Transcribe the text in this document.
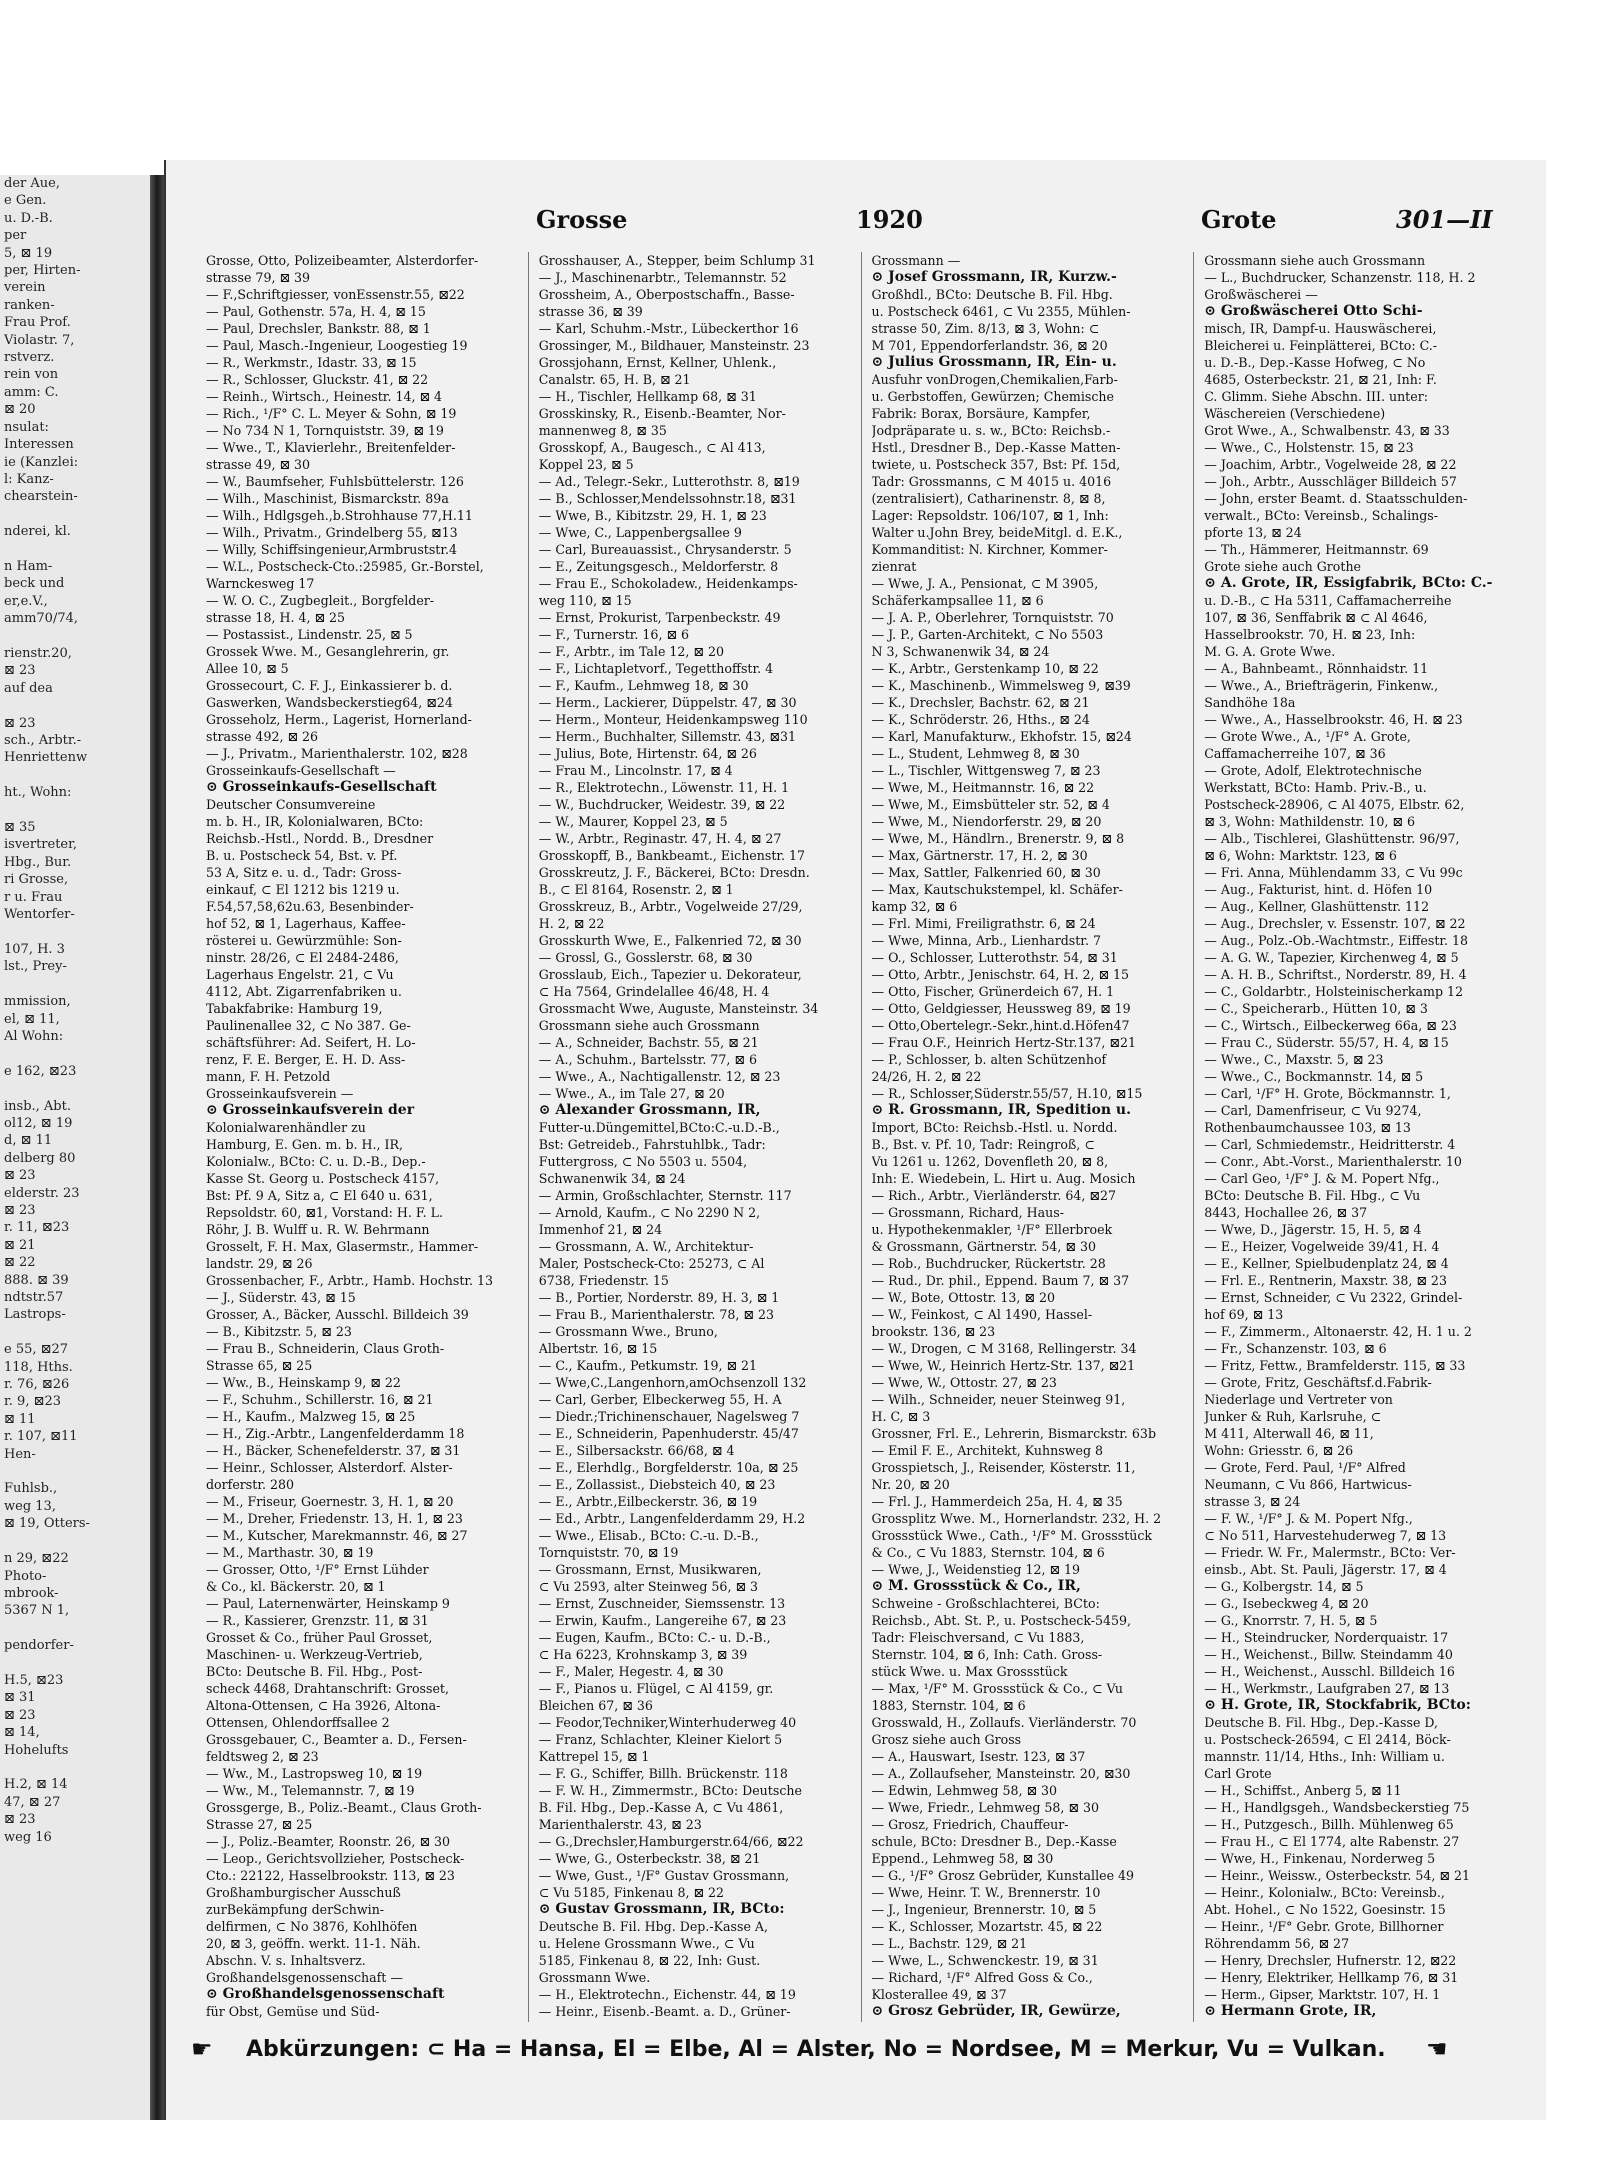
der Aue,
e Gen.
u. D.-B.
per
5, ⊠ 19
per, Hirten-
verein
ranken-
Frau Prof.
Violastr. 7,
rstverz.
rein von
amm: C.
⊠ 20
nsulat:
Interessen
ie (Kanzlei:
l: Kanz-
chearstein-

nderei, kl.

n Ham-
beck und
er,e.V.,
amm70/74,

rienstr.20,
⊠ 23
auf dea

⊠ 23
sch., Arbtr.-
Henriettenw

ht., Wohn:

⊠ 35
isvertreter,
Hbg., Bur.
ri Grosse,
r u. Frau
Wentorfer-

107, H. 3
lst., Prey-

mmission,
el, ⊠ 11,
Al Wohn:

e 162, ⊠23

insb., Abt.
ol12, ⊠ 19
d, ⊠ 11
delberg 80
⊠ 23
elderstr. 23
⊠ 23
r. 11, ⊠23
⊠ 21
⊠ 22
888. ⊠ 39
ndtstr.57
Lastrops-

e 55, ⊠27
118, Hths.
r. 76, ⊠26
r. 9, ⊠23
⊠ 11
r. 107, ⊠11
Hen-

Fuhlsb.,
weg 13,
⊠ 19, Otters-

n 29, ⊠22
Photo-
mbrook-
5367 N 1,

pendorfer-

H.5, ⊠23
⊠ 31
⊠ 23
⊠ 14,
Hohelufts

H.2, ⊠ 14
47, ⊠ 27
⊠ 23
weg 16
Grosse	1920	Grote	301—II
Grosse, Otto, Polizeibeamter, Alsterdorfer-
strasse 79, ⊠ 39
— F.,Schriftgiesser, vonEssenstr.55, ⊠22
— Paul, Gothenstr. 57a, H. 4, ⊠ 15
— Paul, Drechsler, Bankstr. 88, ⊠ 1
— Paul, Masch.-Ingenieur, Loogestieg 19
— R., Werkmstr., Idastr. 33, ⊠ 15
— R., Schlosser, Gluckstr. 41, ⊠ 22
— Reinh., Wirtsch., Heinestr. 14, ⊠ 4
— Rich., ¹/F° C. L. Meyer & Sohn, ⊠ 19
— No 734 N 1, Tornquiststr. 39, ⊠ 19
— Wwe., T., Klavierlehr., Breitenfelder-
strasse 49, ⊠ 30
— W., Baumfseher, Fuhlsbüttelerstr. 126
— Wilh., Maschinist, Bismarckstr. 89a
— Wilh., Hdlgsgeh.,b.Strohhause 77,H.11
— Wilh., Privatm., Grindelberg 55, ⊠13
— Willy, Schiffsingenieur,Armbruststr.4
— W.L., Postscheck-Cto.:25985, Gr.-Borstel,
Warnckesweg 17
— W. O. C., Zugbegleit., Borgfelder-
strasse 18, H. 4, ⊠ 25
— Postassist., Lindenstr. 25, ⊠ 5
Grossek Wwe. M., Gesanglehrerin, gr.
Allee 10, ⊠ 5
Grossecourt, C. F. J., Einkassierer b. d.
Gaswerken, Wandsbeckerstieg64, ⊠24
Grosseholz, Herm., Lagerist, Hornerland-
strasse 492, ⊠ 26
— J., Privatm., Marienthalerstr. 102, ⊠28
Grosseinkaufs-Gesellschaft —
⊙ Grosseinkaufs-Gesellschaft
Deutscher Consumvereine
m. b. H., IR, Kolonialwaren, BCto:
Reichsb.-Hstl., Nordd. B., Dresdner
B. u. Postscheck 54, Bst. v. Pf.
53 A, Sitz e. u. d., Tadr: Gross-
einkauf, ⊂ El 1212 bis 1219 u.
F.54,57,58,62u.63, Besenbinder-
hof 52, ⊠ 1, Lagerhaus, Kaffee-
rösterei u. Gewürzmühle: Son-
ninstr. 28/26, ⊂ El 2484-2486,
Lagerhaus Engelstr. 21, ⊂ Vu
4112, Abt. Zigarrenfabriken u.
Tabakfabrike: Hamburg 19,
Paulinenallee 32, ⊂ No 387. Ge-
schäftsführer: Ad. Seifert, H. Lo-
renz, F. E. Berger, E. H. D. Ass-
mann, F. H. Petzold
Grosseinkaufsverein —
⊙ Grosseinkaufsverein der
Kolonialwarenhändler zu
Hamburg, E. Gen. m. b. H., IR,
Kolonialw., BCto: C. u. D.-B., Dep.-
Kasse St. Georg u. Postscheck 4157,
Bst: Pf. 9 A, Sitz a, ⊂ El 640 u. 631,
Repsoldstr. 60, ⊠1, Vorstand: H. F. L.
Röhr, J. B. Wulff u. R. W. Behrmann
Grosselt, F. H. Max, Glasermstr., Hammer-
landstr. 29, ⊠ 26
Grossenbacher, F., Arbtr., Hamb. Hochstr. 13
— J., Süderstr. 43, ⊠ 15
Grosser, A., Bäcker, Ausschl. Billdeich 39
— B., Kibitzstr. 5, ⊠ 23
— Frau B., Schneiderin, Claus Groth-
Strasse 65, ⊠ 25
— Ww., B., Heinskamp 9, ⊠ 22
— F., Schuhm., Schillerstr. 16, ⊠ 21
— H., Kaufm., Malzweg 15, ⊠ 25
— H., Zig.-Arbtr., Langenfelderdamm 18
— H., Bäcker, Schenefelderstr. 37, ⊠ 31
— Heinr., Schlosser, Alsterdorf. Alster-
dorferstr. 280
— M., Friseur, Goernestr. 3, H. 1, ⊠ 20
— M., Dreher, Friedenstr. 13, H. 1, ⊠ 23
— M., Kutscher, Marekmannstr. 46, ⊠ 27
— M., Marthastr. 30, ⊠ 19
— Grosser, Otto, ¹/F° Ernst Lühder
& Co., kl. Bäckerstr. 20, ⊠ 1
— Paul, Laternenwärter, Heinskamp 9
— R., Kassierer, Grenzstr. 11, ⊠ 31
Grosset & Co., früher Paul Grosset,
Maschinen- u. Werkzeug-Vertrieb,
BCto: Deutsche B. Fil. Hbg., Post-
scheck 4468, Drahtanschrift: Grosset,
Altona-Ottensen, ⊂ Ha 3926, Altona-
Ottensen, Ohlendorffsallee 2
Grossgebauer, C., Beamter a. D., Fersen-
feldtsweg 2, ⊠ 23
— Ww., M., Lastropsweg 10, ⊠ 19
— Ww., M., Telemannstr. 7, ⊠ 19
Grossgerge, B., Poliz.-Beamt., Claus Groth-
Strasse 27, ⊠ 25
— J., Poliz.-Beamter, Roonstr. 26, ⊠ 30
— Leop., Gerichtsvollzieher, Postscheck-
Cto.: 22122, Hasselbrookstr. 113, ⊠ 23
Großhamburgischer Ausschuß
zurBekämpfung derSchwin-
delfirmen, ⊂ No 3876, Kohlhöfen
20, ⊠ 3, geöffn. werkt. 11-1. Näh.
Abschn. V. s. Inhaltsverz.
Großhandelsgenossenschaft —
⊙ Großhandelsgenossenschaft
für Obst, Gemüse und Süd-
Grosshauser, A., Stepper, beim Schlump 31
— J., Maschinenarbtr., Telemannstr. 52
Grossheim, A., Oberpostschaffn., Basse-
strasse 36, ⊠ 39
— Karl, Schuhm.-Mstr., Lübeckerthor 16
Grossinger, M., Bildhauer, Mansteinstr. 23
Grossjohann, Ernst, Kellner, Uhlenk.,
Canalstr. 65, H. B, ⊠ 21
— H., Tischler, Hellkamp 68, ⊠ 31
Grosskinsky, R., Eisenb.-Beamter, Nor-
mannenweg 8, ⊠ 35
Grosskopf, A., Baugesch., ⊂ Al 413,
Koppel 23, ⊠ 5
— Ad., Telegr.-Sekr., Lutterothstr. 8, ⊠19
— B., Schlosser,Mendelssohnstr.18, ⊠31
— Wwe, B., Kibitzstr. 29, H. 1, ⊠ 23
— Wwe, C., Lappenbergsallee 9
— Carl, Bureauassist., Chrysanderstr. 5
— E., Zeitungsgesch., Meldorferstr. 8
— Frau E., Schokoladew., Heidenkamps-
weg 110, ⊠ 15
— Ernst, Prokurist, Tarpenbeckstr. 49
— F., Turnerstr. 16, ⊠ 6
— F., Arbtr., im Tale 12, ⊠ 20
— F., Lichtapletvorf., Tegetthoffstr. 4
— F., Kaufm., Lehmweg 18, ⊠ 30
— Herm., Lackierer, Düppelstr. 47, ⊠ 30
— Herm., Monteur, Heidenkampsweg 110
— Herm., Buchhalter, Sillemstr. 43, ⊠31
— Julius, Bote, Hirtenstr. 64, ⊠ 26
— Frau M., Lincolnstr. 17, ⊠ 4
— R., Elektrotechn., Löwenstr. 11, H. 1
— W., Buchdrucker, Weidestr. 39, ⊠ 22
— W., Maurer, Koppel 23, ⊠ 5
— W., Arbtr., Reginastr. 47, H. 4, ⊠ 27
Grosskopff, B., Bankbeamt., Eichenstr. 17
Grosskreutz, J. F., Bäckerei, BCto: Dresdn.
B., ⊂ El 8164, Rosenstr. 2, ⊠ 1
Grosskreuz, B., Arbtr., Vogelweide 27/29,
H. 2, ⊠ 22
Grosskurth Wwe, E., Falkenried 72, ⊠ 30
— Grossl, G., Gosslerstr. 68, ⊠ 30
Grosslaub, Eich., Tapezier u. Dekorateur,
⊂ Ha 7564, Grindelallee 46/48, H. 4
Grossmacht Wwe, Auguste, Mansteinstr. 34
Grossmann siehe auch Grossmann
— A., Schneider, Bachstr. 55, ⊠ 21
— A., Schuhm., Bartelsstr. 77, ⊠ 6
— Wwe., A., Nachtigallenstr. 12, ⊠ 23
— Wwe., A., im Tale 27, ⊠ 20
⊙ Alexander Grossmann, IR,
Futter-u.Düngemittel,BCto:C.-u.D.-B.,
Bst: Getreideb., Fahrstuhlbk., Tadr:
Futtergross, ⊂ No 5503 u. 5504,
Schwanenwik 34, ⊠ 24
— Armin, Großschlachter, Sternstr. 117
— Arnold, Kaufm., ⊂ No 2290 N 2,
Immenhof 21, ⊠ 24
— Grossmann, A. W., Architektur-
Maler, Postscheck-Cto: 25273, ⊂ Al
6738, Friedenstr. 15
— B., Portier, Norderstr. 89, H. 3, ⊠ 1
— Frau B., Marienthalerstr. 78, ⊠ 23
— Grossmann Wwe., Bruno,
Albertstr. 16, ⊠ 15
— C., Kaufm., Petkumstr. 19, ⊠ 21
— Wwe,C.,Langenhorn,amOchsenzoll 132
— Carl, Gerber, Elbeckerweg 55, H. A
— Diedr.;Trichinenschauer, Nagelsweg 7
— E., Schneiderin, Papenhuderstr. 45/47
— E., Silbersackstr. 66/68, ⊠ 4
— E., Elerhdlg., Borgfelderstr. 10a, ⊠ 25
— E., Zollassist., Diebsteich 40, ⊠ 23
— E., Arbtr.,Eilbeckerstr. 36, ⊠ 19
— Ed., Arbtr., Langenfelderdamm 29, H.2
— Wwe., Elisab., BCto: C.-u. D.-B.,
Tornquiststr. 70, ⊠ 19
— Grossmann, Ernst, Musikwaren,
⊂ Vu 2593, alter Steinweg 56, ⊠ 3
— Ernst, Zuschneider, Siemssenstr. 13
— Erwin, Kaufm., Langereihe 67, ⊠ 23
— Eugen, Kaufm., BCto: C.- u. D.-B.,
⊂ Ha 6223, Krohnskamp 3, ⊠ 39
— F., Maler, Hegestr. 4, ⊠ 30
— F., Pianos u. Flügel, ⊂ Al 4159, gr.
Bleichen 67, ⊠ 36
— Feodor,Techniker,Winterhuderweg 40
— Franz, Schlachter, Kleiner Kielort 5
Kattrepel 15, ⊠ 1
— F. G., Schiffer, Billh. Brückenstr. 118
— F. W. H., Zimmermstr., BCto: Deutsche
B. Fil. Hbg., Dep.-Kasse A, ⊂ Vu 4861,
Marienthalerstr. 43, ⊠ 23
— G.,Drechsler,Hamburgerstr.64/66, ⊠22
— Wwe, G., Osterbeckstr. 38, ⊠ 21
— Wwe, Gust., ¹/F° Gustav Grossmann,
⊂ Vu 5185, Finkenau 8, ⊠ 22
⊙ Gustav Grossmann, IR, BCto:
Deutsche B. Fil. Hbg. Dep.-Kasse A,
u. Helene Grossmann Wwe., ⊂ Vu
5185, Finkenau 8, ⊠ 22, Inh: Gust.
Grossmann Wwe.
— H., Elektrotechn., Eichenstr. 44, ⊠ 19
— Heinr., Eisenb.-Beamt. a. D., Grüner-
Grossmann —
⊙ Josef Grossmann, IR, Kurzw.-
Großhdl., BCto: Deutsche B. Fil. Hbg.
u. Postscheck 6461, ⊂ Vu 2355, Mühlen-
strasse 50, Zim. 8/13, ⊠ 3, Wohn: ⊂
M 701, Eppendorferlandstr. 36, ⊠ 20
⊙ Julius Grossmann, IR, Ein- u.
Ausfuhr vonDrogen,Chemikalien,Farb-
u. Gerbstoffen, Gewürzen; Chemische
Fabrik: Borax, Borsäure, Kampfer,
Jodpräparate u. s. w., BCto: Reichsb.-
Hstl., Dresdner B., Dep.-Kasse Matten-
twiete, u. Postscheck 357, Bst: Pf. 15d,
Tadr: Grossmanns, ⊂ M 4015 u. 4016
(zentralisiert), Catharinenstr. 8, ⊠ 8,
Lager: Repsoldstr. 106/107, ⊠ 1, Inh:
Walter u.John Brey, beideMitgl. d. E.K.,
Kommanditist: N. Kirchner, Kommer-
zienrat
— Wwe, J. A., Pensionat, ⊂ M 3905,
Schäferkampsallee 11, ⊠ 6
— J. A. P., Oberlehrer, Tornquiststr. 70
— J. P., Garten-Architekt, ⊂ No 5503
N 3, Schwanenwik 34, ⊠ 24
— K., Arbtr., Gerstenkamp 10, ⊠ 22
— K., Maschinenb., Wimmelsweg 9, ⊠39
— K., Drechsler, Bachstr. 62, ⊠ 21
— K., Schröderstr. 26, Hths., ⊠ 24
— Karl, Manufakturw., Ekhofstr. 15, ⊠24
— L., Student, Lehmweg 8, ⊠ 30
— L., Tischler, Wittgensweg 7, ⊠ 23
— Wwe, M., Heitmannstr. 16, ⊠ 22
— Wwe, M., Eimsbütteler str. 52, ⊠ 4
— Wwe, M., Niendorferstr. 29, ⊠ 20
— Wwe, M., Händlrn., Brenerstr. 9, ⊠ 8
— Max, Gärtnerstr. 17, H. 2, ⊠ 30
— Max, Sattler, Falkenried 60, ⊠ 30
— Max, Kautschukstempel, kl. Schäfer-
kamp 32, ⊠ 6
— Frl. Mimi, Freiligrathstr. 6, ⊠ 24
— Wwe, Minna, Arb., Lienhardstr. 7
— O., Schlosser, Lutterothstr. 54, ⊠ 31
— Otto, Arbtr., Jenischstr. 64, H. 2, ⊠ 15
— Otto, Fischer, Grünerdeich 67, H. 1
— Otto, Geldgiesser, Heussweg 89, ⊠ 19
— Otto,Obertelegr.-Sekr.,hint.d.Höfen47
— Frau O.F., Heinrich Hertz-Str.137, ⊠21
— P., Schlosser, b. alten Schützenhof
24/26, H. 2, ⊠ 22
— R., Schlosser,Süderstr.55/57, H.10, ⊠15
⊙ R. Grossmann, IR, Spedition u.
Import, BCto: Reichsb.-Hstl. u. Nordd.
B., Bst. v. Pf. 10, Tadr: Reingroß, ⊂
Vu 1261 u. 1262, Dovenfleth 20, ⊠ 8,
Inh: E. Wiedebein, L. Hirt u. Aug. Mosich
— Rich., Arbtr., Vierländerstr. 64, ⊠27
— Grossmann, Richard, Haus-
u. Hypothekenmakler, ¹/F° Ellerbroek
& Grossmann, Gärtnerstr. 54, ⊠ 30
— Rob., Buchdrucker, Rückertstr. 28
— Rud., Dr. phil., Eppend. Baum 7, ⊠ 37
— W., Bote, Ottostr. 13, ⊠ 20
— W., Feinkost, ⊂ Al 1490, Hassel-
brookstr. 136, ⊠ 23
— W., Drogen, ⊂ M 3168, Rellingerstr. 34
— Wwe, W., Heinrich Hertz-Str. 137, ⊠21
— Wwe, W., Ottostr. 27, ⊠ 23
— Wilh., Schneider, neuer Steinweg 91,
H. C, ⊠ 3
Grossner, Frl. E., Lehrerin, Bismarckstr. 63b
— Emil F. E., Architekt, Kuhnsweg 8
Grosspietsch, J., Reisender, Kösterstr. 11,
Nr. 20, ⊠ 20
— Frl. J., Hammerdeich 25a, H. 4, ⊠ 35
Grossplitz Wwe. M., Hornerlandstr. 232, H. 2
Grossstück Wwe., Cath., ¹/F° M. Grossstück
& Co., ⊂ Vu 1883, Sternstr. 104, ⊠ 6
— Wwe, J., Weidenstieg 12, ⊠ 19
⊙ M. Grossstück & Co., IR,
Schweine - Großschlachterei, BCto:
Reichsb., Abt. St. P., u. Postscheck-5459,
Tadr: Fleischversand, ⊂ Vu 1883,
Sternstr. 104, ⊠ 6, Inh: Cath. Gross-
stück Wwe. u. Max Grossstück
— Max, ¹/F° M. Grossstück & Co., ⊂ Vu
1883, Sternstr. 104, ⊠ 6
Grosswald, H., Zollaufs. Vierländerstr. 70
Grosz siehe auch Gross
— A., Hauswart, Isestr. 123, ⊠ 37
— A., Zollaufseher, Mansteinstr. 20, ⊠30
— Edwin, Lehmweg 58, ⊠ 30
— Wwe, Friedr., Lehmweg 58, ⊠ 30
— Grosz, Friedrich, Chauffeur-
schule, BCto: Dresdner B., Dep.-Kasse
Eppend., Lehmweg 58, ⊠ 30
— G., ¹/F° Grosz Gebrüder, Kunstallee 49
— Wwe, Heinr. T. W., Brennerstr. 10
— J., Ingenieur, Brennerstr. 10, ⊠ 5
— K., Schlosser, Mozartstr. 45, ⊠ 22
— L., Bachstr. 129, ⊠ 21
— Wwe, L., Schwenckestr. 19, ⊠ 31
— Richard, ¹/F° Alfred Goss & Co.,
Klosterallee 49, ⊠ 37
⊙ Grosz Gebrüder, IR, Gewürze,
Grossmann siehe auch Grossmann
— L., Buchdrucker, Schanzenstr. 118, H. 2
Großwäscherei —
⊙ Großwäscherei Otto Schi-
misch, IR, Dampf-u. Hauswäscherei,
Bleicherei u. Feinplätterei, BCto: C.-
u. D.-B., Dep.-Kasse Hofweg, ⊂ No
4685, Osterbeckstr. 21, ⊠ 21, Inh: F.
C. Glimm. Siehe Abschn. III. unter:
Wäschereien (Verschiedene)
Grot Wwe., A., Schwalbenstr. 43, ⊠ 33
— Wwe., C., Holstenstr. 15, ⊠ 23
— Joachim, Arbtr., Vogelweide 28, ⊠ 22
— Joh., Arbtr., Ausschläger Billdeich 57
— John, erster Beamt. d. Staatsschulden-
verwalt., BCto: Vereinsb., Schalings-
pforte 13, ⊠ 24
— Th., Hämmerer, Heitmannstr. 69
Grote siehe auch Grothe
⊙ A. Grote, IR, Essigfabrik, BCto: C.-
u. D.-B., ⊂ Ha 5311, Caffamacherreihe
107, ⊠ 36, Senffabrik ⊠ ⊂ Al 4646,
Hasselbrookstr. 70, H. ⊠ 23, Inh:
M. G. A. Grote Wwe.
— A., Bahnbeamt., Rönnhaidstr. 11
— Wwe., A., Briefträgerin, Finkenw.,
Sandhöhe 18a
— Wwe., A., Hasselbrookstr. 46, H. ⊠ 23
— Grote Wwe., A., ¹/F° A. Grote,
Caffamacherreihe 107, ⊠ 36
— Grote, Adolf, Elektrotechnische
Werkstatt, BCto: Hamb. Priv.-B., u.
Postscheck-28906, ⊂ Al 4075, Elbstr. 62,
⊠ 3, Wohn: Mathildenstr. 10, ⊠ 6
— Alb., Tischlerei, Glashüttenstr. 96/97,
⊠ 6, Wohn: Marktstr. 123, ⊠ 6
— Fri. Anna, Mühlendamm 33, ⊂ Vu 99c
— Aug., Fakturist, hint. d. Höfen 10
— Aug., Kellner, Glashüttenstr. 112
— Aug., Drechsler, v. Essenstr. 107, ⊠ 22
— Aug., Polz.-Ob.-Wachtmstr., Eiffestr. 18
— A. G. W., Tapezier, Kirchenweg 4, ⊠ 5
— A. H. B., Schriftst., Norderstr. 89, H. 4
— C., Goldarbtr., Holsteinischerkamp 12
— C., Speicherarb., Hütten 10, ⊠ 3
— C., Wirtsch., Eilbeckerweg 66a, ⊠ 23
— Frau C., Süderstr. 55/57, H. 4, ⊠ 15
— Wwe., C., Maxstr. 5, ⊠ 23
— Wwe., C., Bockmannstr. 14, ⊠ 5
— Carl, ¹/F° H. Grote, Böckmannstr. 1,
— Carl, Damenfriseur, ⊂ Vu 9274,
Rothenbaumchaussee 103, ⊠ 13
— Carl, Schmiedemstr., Heidritterstr. 4
— Conr., Abt.-Vorst., Marienthalerstr. 10
— Carl Geo, ¹/F° J. & M. Popert Nfg.,
BCto: Deutsche B. Fil. Hbg., ⊂ Vu
8443, Hochallee 26, ⊠ 37
— Wwe, D., Jägerstr. 15, H. 5, ⊠ 4
— E., Heizer, Vogelweide 39/41, H. 4
— E., Kellner, Spielbudenplatz 24, ⊠ 4
— Frl. E., Rentnerin, Maxstr. 38, ⊠ 23
— Ernst, Schneider, ⊂ Vu 2322, Grindel-
hof 69, ⊠ 13
— F., Zimmerm., Altonaerstr. 42, H. 1 u. 2
— Fr., Schanzenstr. 103, ⊠ 6
— Fritz, Fettw., Bramfelderstr. 115, ⊠ 33
— Grote, Fritz, Geschäftsf.d.Fabrik-
Niederlage und Vertreter von
Junker & Ruh, Karlsruhe, ⊂
M 411, Alterwall 46, ⊠ 11,
Wohn: Griesstr. 6, ⊠ 26
— Grote, Ferd. Paul, ¹/F° Alfred
Neumann, ⊂ Vu 866, Hartwicus-
strasse 3, ⊠ 24
— F. W., ¹/F° J. & M. Popert Nfg.,
⊂ No 511, Harvestehuderweg 7, ⊠ 13
— Friedr. W. Fr., Malermstr., BCto: Ver-
einsb., Abt. St. Pauli, Jägerstr. 17, ⊠ 4
— G., Kolbergstr. 14, ⊠ 5
— G., Isebeckweg 4, ⊠ 20
— G., Knorrstr. 7, H. 5, ⊠ 5
— H., Steindrucker, Norderquaistr. 17
— H., Weichenst., Billw. Steindamm 40
— H., Weichenst., Ausschl. Billdeich 16
— H., Werkmstr., Laufgraben 27, ⊠ 13
⊙ H. Grote, IR, Stockfabrik, BCto:
Deutsche B. Fil. Hbg., Dep.-Kasse D,
u. Postscheck-26594, ⊂ El 2414, Böck-
mannstr. 11/14, Hths., Inh: William u.
Carl Grote
— H., Schiffst., Anberg 5, ⊠ 11
— H., Handlgsgeh., Wandsbeckerstieg 75
— H., Putzgesch., Billh. Mühlenweg 65
— Frau H., ⊂ El 1774, alte Rabenstr. 27
— Wwe, H., Finkenau, Norderweg 5
— Heinr., Weissw., Osterbeckstr. 54, ⊠ 21
— Heinr., Kolonialw., BCto: Vereinsb.,
Abt. Hohel., ⊂ No 1522, Goesinstr. 15
— Heinr., ¹/F° Gebr. Grote, Billhorner
Röhrendamm 56, ⊠ 27
— Henry, Drechsler, Hufnerstr. 12, ⊠22
— Henry, Elektriker, Hellkamp 76, ⊠ 31
— Herm., Gipser, Marktstr. 107, H. 1
⊙ Hermann Grote, IR,
☛ Abkürzungen: ⊂ Ha = Hansa, El = Elbe, Al = Alster, No = Nordsee, M = Merkur, Vu = Vulkan. ☚
